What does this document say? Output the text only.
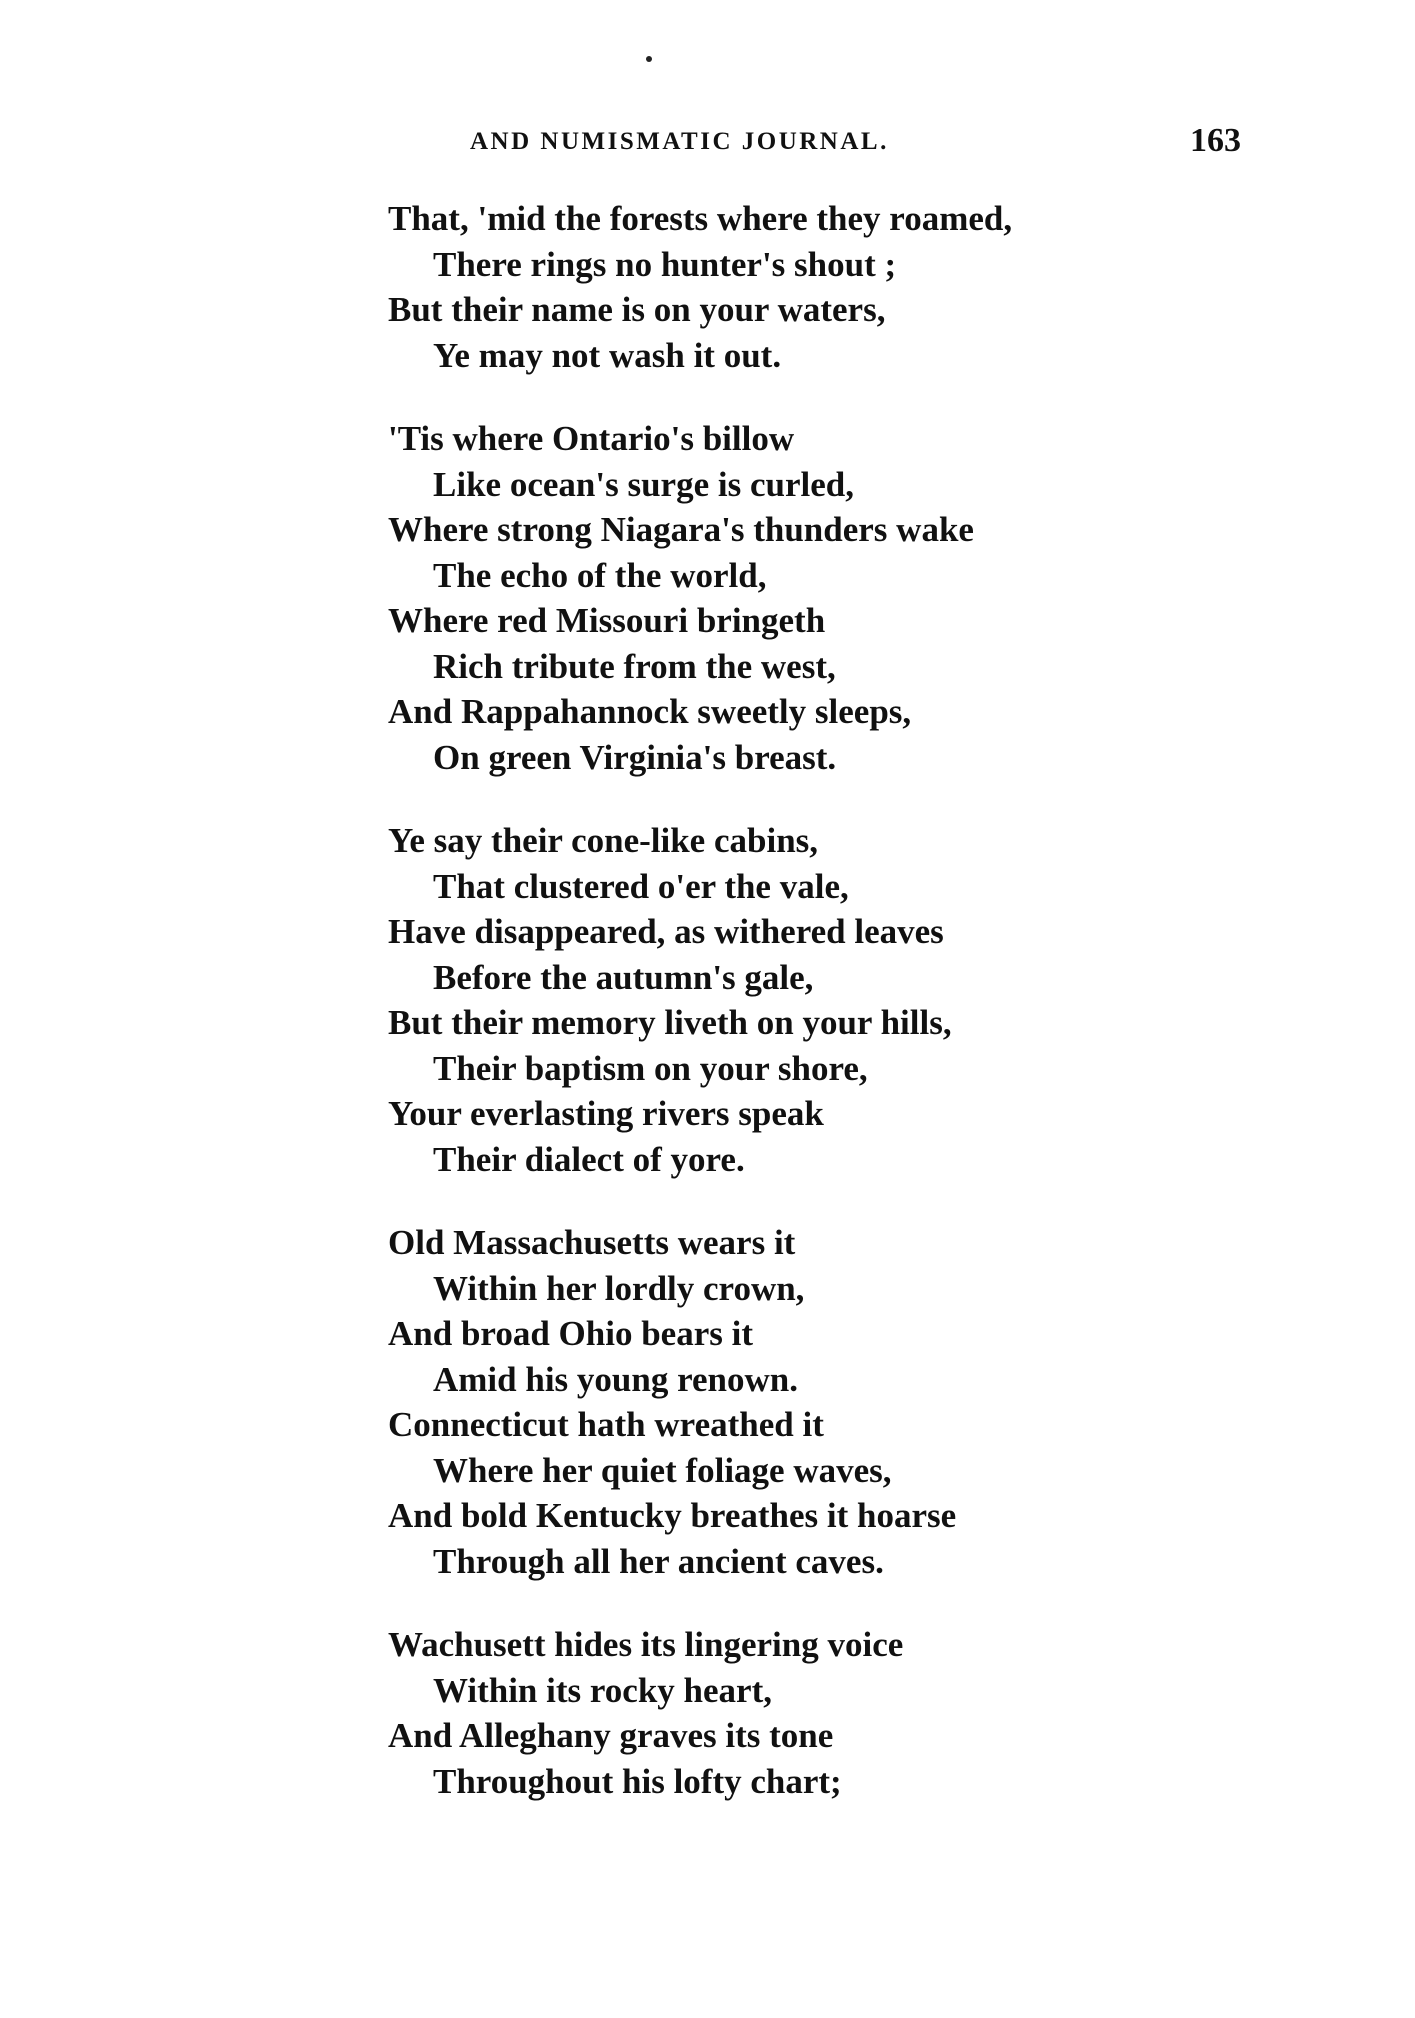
AND NUMISMATIC JOURNAL.	163
That, 'mid the forests where they roamed,
There rings no hunter's shout ;
But their name is on your waters,
Ye may not wash it out.
'Tis where Ontario's billow
Like ocean's surge is curled,
Where strong Niagara's thunders wake
The echo of the world,
Where red Missouri bringeth
Rich tribute from the west,
And Rappahannock sweetly sleeps,
On green Virginia's breast.
Ye say their cone-like cabins,
That clustered o'er the vale,
Have disappeared, as withered leaves
Before the autumn's gale,
But their memory liveth on your hills,
Their baptism on your shore,
Your everlasting rivers speak
Their dialect of yore.
Old Massachusetts wears it
Within her lordly crown,
And broad Ohio bears it
Amid his young renown.
Connecticut hath wreathed it
Where her quiet foliage waves,
And bold Kentucky breathes it hoarse
Through all her ancient caves.
Wachusett hides its lingering voice
Within its rocky heart,
And Alleghany graves its tone
Throughout his lofty chart;
